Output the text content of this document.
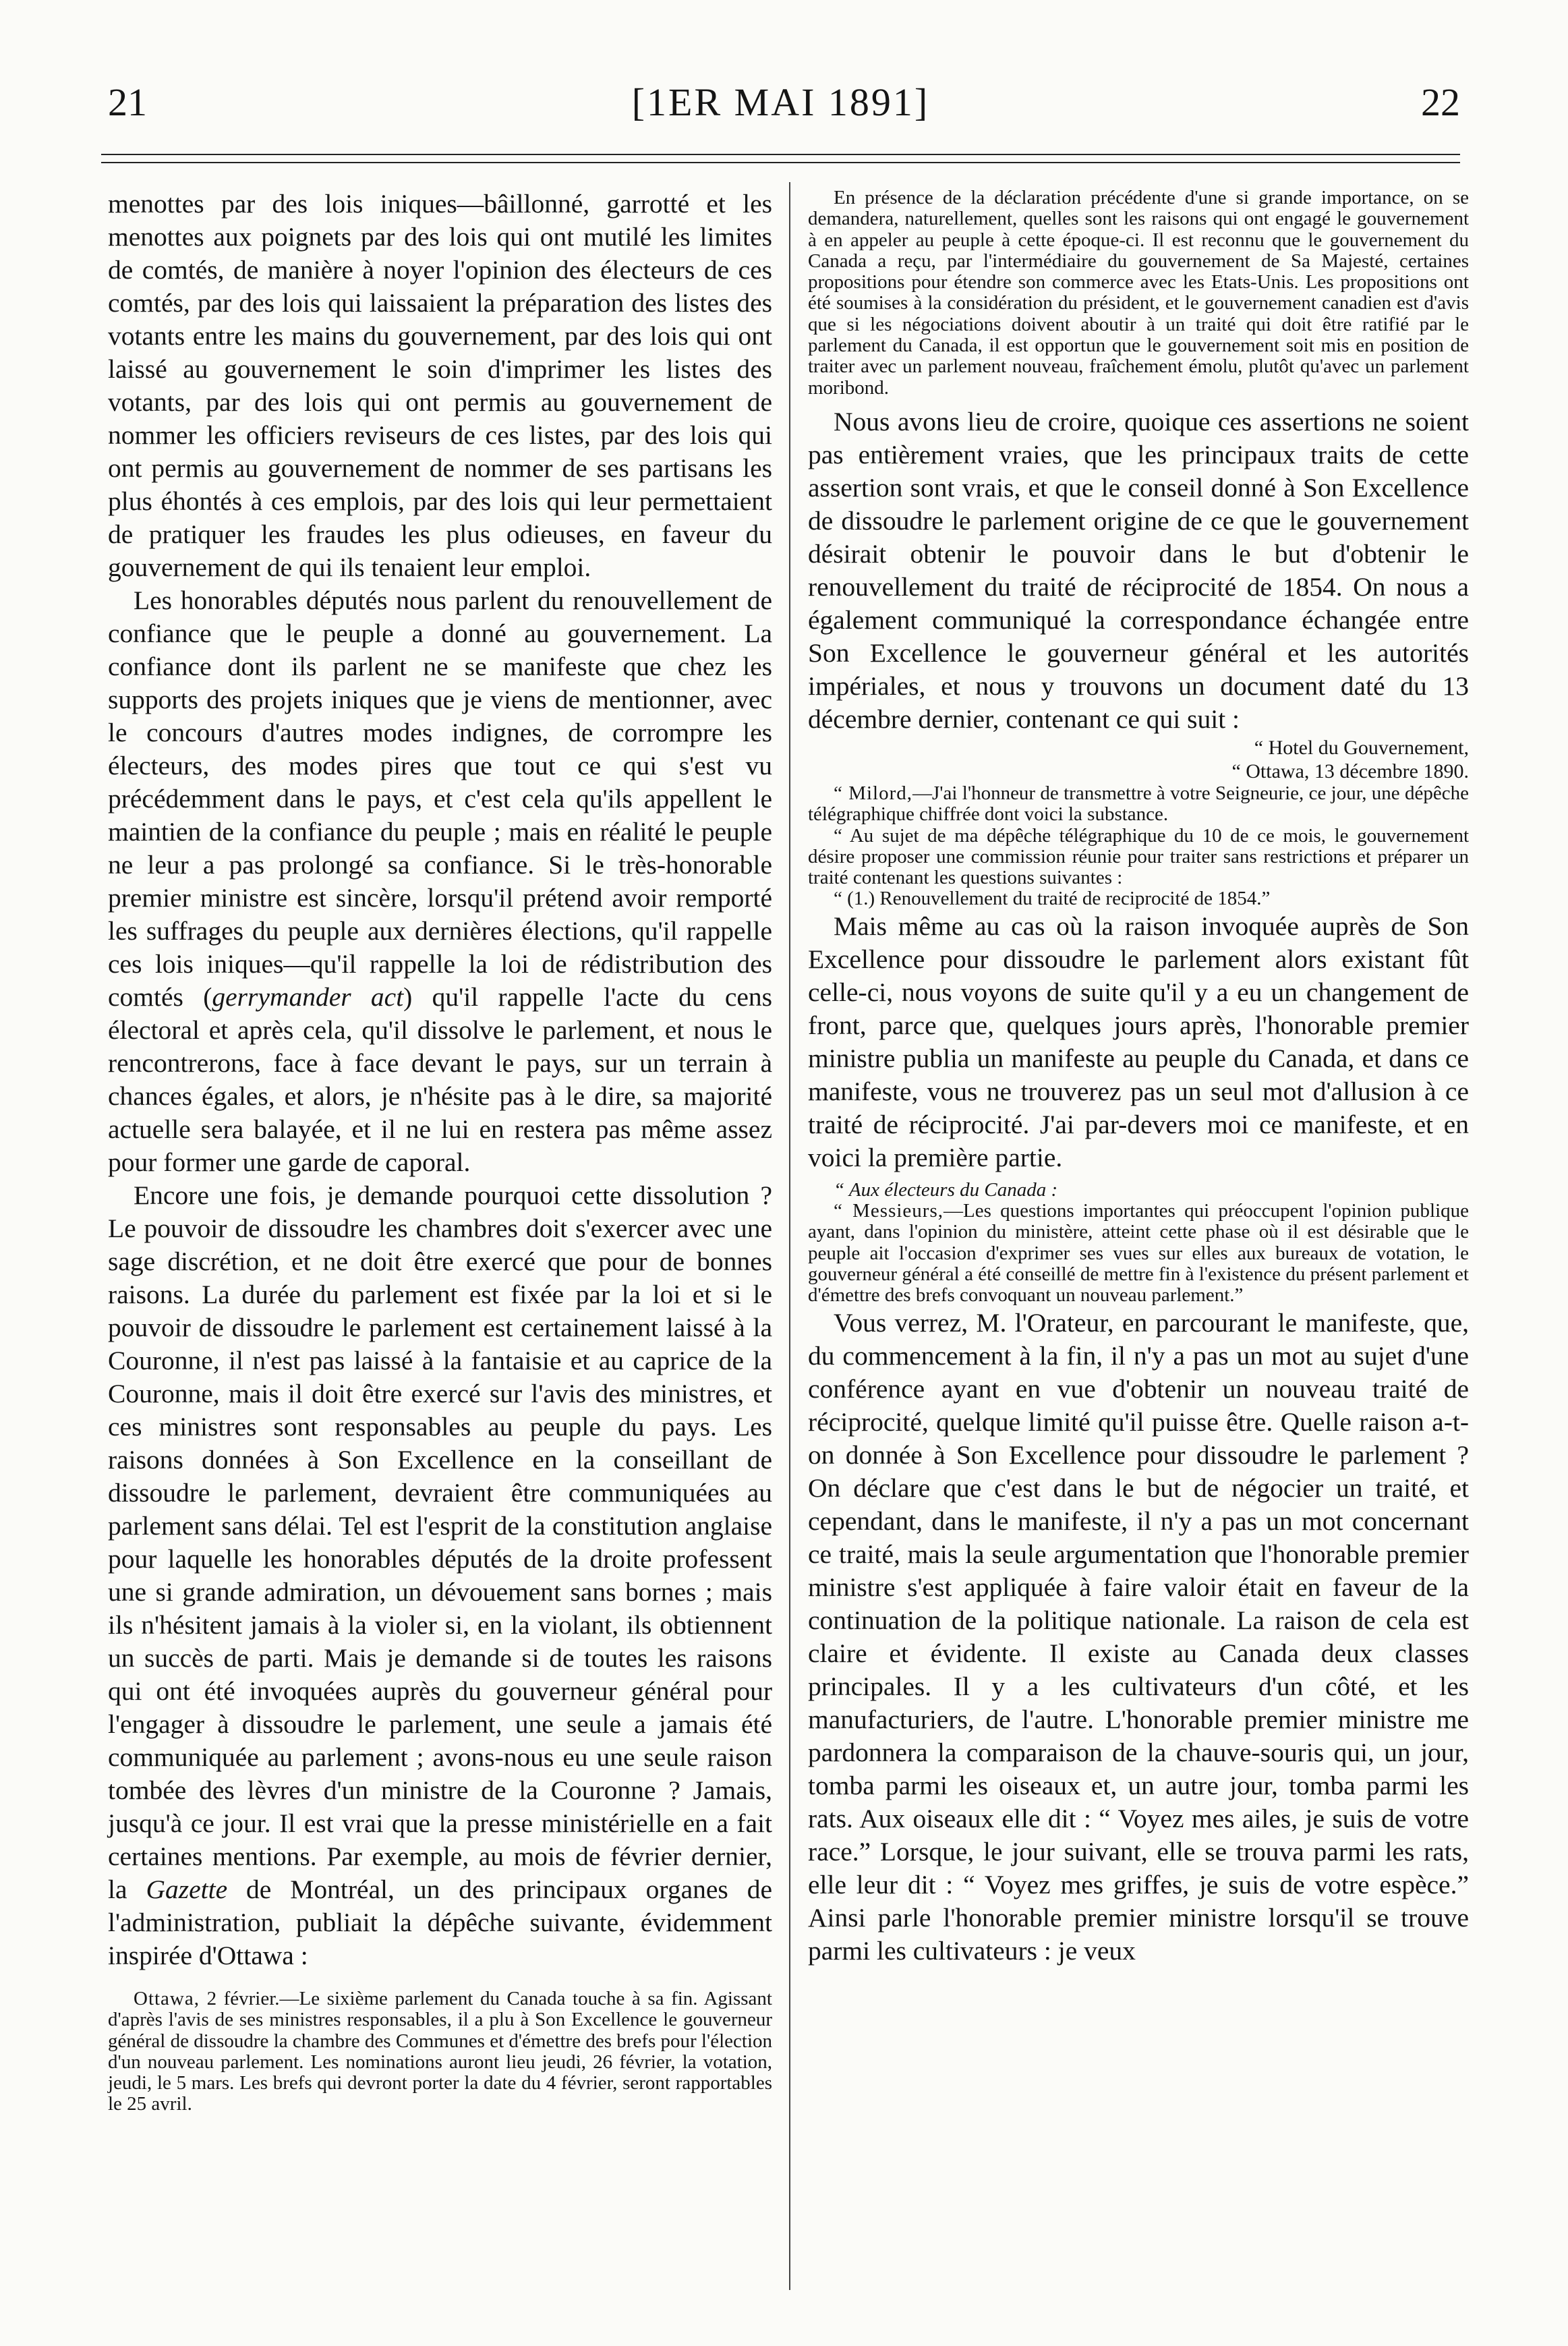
21	[1ER MAI 1891]	22

menottes par des lois iniques—bâillonné, garrotté et les menottes aux poignets par des lois qui ont mutilé les limites de comtés, de manière à noyer l'opinion des électeurs de ces comtés, par des lois qui laissaient la préparation des listes des votants entre les mains du gouvernement, par des lois qui ont laissé au gouvernement le soin d'imprimer les listes des votants, par des lois qui ont permis au gouvernement de nommer les officiers reviseurs de ces listes, par des lois qui ont permis au gouvernement de nommer de ses partisans les plus éhontés à ces emplois, par des lois qui leur permettaient de pratiquer les fraudes les plus odieuses, en faveur du gouvernement de qui ils tenaient leur emploi.

Les honorables députés nous parlent du renouvellement de confiance que le peuple a donné au gouvernement. La confiance dont ils parlent ne se manifeste que chez les supports des projets iniques que je viens de mentionner, avec le concours d'autres modes indignes, de corrompre les électeurs, des modes pires que tout ce qui s'est vu précédemment dans le pays, et c'est cela qu'ils appellent le maintien de la confiance du peuple ; mais en réalité le peuple ne leur a pas prolongé sa confiance. Si le très-honorable premier ministre est sincère, lorsqu'il prétend avoir remporté les suffrages du peuple aux dernières élections, qu'il rappelle ces lois iniques—qu'il rappelle la loi de rédistribution des comtés (gerrymander act) qu'il rappelle l'acte du cens électoral et après cela, qu'il dissolve le parlement, et nous le rencontrerons, face à face devant le pays, sur un terrain à chances égales, et alors, je n'hésite pas à le dire, sa majorité actuelle sera balayée, et il ne lui en restera pas même assez pour former une garde de caporal.

Encore une fois, je demande pourquoi cette dissolution ? Le pouvoir de dissoudre les chambres doit s'exercer avec une sage discrétion, et ne doit être exercé que pour de bonnes raisons. La durée du parlement est fixée par la loi et si le pouvoir de dissoudre le parlement est certainement laissé à la Couronne, il n'est pas laissé à la fantaisie et au caprice de la Couronne, mais il doit être exercé sur l'avis des ministres, et ces ministres sont responsables au peuple du pays. Les raisons données à Son Excellence en la conseillant de dissoudre le parlement, devraient être communiquées au parlement sans délai. Tel est l'esprit de la constitution anglaise pour laquelle les honorables députés de la droite professent une si grande admiration, un dévouement sans bornes ; mais ils n'hésitent jamais à la violer si, en la violant, ils obtiennent un succès de parti. Mais je demande si de toutes les raisons qui ont été invoquées auprès du gouverneur général pour l'engager à dissoudre le parlement, une seule a jamais été communiquée au parlement ; avons-nous eu une seule raison tombée des lèvres d'un ministre de la Couronne ? Jamais, jusqu'à ce jour. Il est vrai que la presse ministérielle en a fait certaines mentions. Par exemple, au mois de février dernier, la Gazette de Montréal, un des principaux organes de l'administration, publiait la dépêche suivante, évidemment inspirée d'Ottawa :

Ottawa, 2 février.—Le sixième parlement du Canada touche à sa fin. Agissant d'après l'avis de ses ministres responsables, il a plu à Son Excellence le gouverneur général de dissoudre la chambre des Communes et d'émettre des brefs pour l'élection d'un nouveau parlement. Les nominations auront lieu jeudi, 26 février, la votation, jeudi, le 5 mars. Les brefs qui devront porter la date du 4 février, seront rapportables le 25 avril.

En présence de la déclaration précédente d'une si grande importance, on se demandera, naturellement, quelles sont les raisons qui ont engagé le gouvernement à en appeler au peuple à cette époque-ci. Il est reconnu que le gouvernement du Canada a reçu, par l'intermédiaire du gouvernement de Sa Majesté, certaines propositions pour étendre son commerce avec les Etats-Unis. Les propositions ont été soumises à la considération du président, et le gouvernement canadien est d'avis que si les négociations doivent aboutir à un traité qui doit être ratifié par le parlement du Canada, il est opportun que le gouvernement soit mis en position de traiter avec un parlement nouveau, fraîchement émolu, plutôt qu'avec un parlement moribond.

Nous avons lieu de croire, quoique ces assertions ne soient pas entièrement vraies, que les principaux traits de cette assertion sont vrais, et que le conseil donné à Son Excellence de dissoudre le parlement origine de ce que le gouvernement désirait obtenir le pouvoir dans le but d'obtenir le renouvellement du traité de réciprocité de 1854. On nous a également communiqué la correspondance échangée entre Son Excellence le gouverneur général et les autorités impériales, et nous y trouvons un document daté du 13 décembre dernier, contenant ce qui suit :

“ Hotel du Gouvernement,

“ Ottawa, 13 décembre 1890.

“ Milord,—J'ai l'honneur de transmettre à votre Seigneurie, ce jour, une dépêche télégraphique chiffrée dont voici la substance.

“ Au sujet de ma dépêche télégraphique du 10 de ce mois, le gouvernement désire proposer une commission réunie pour traiter sans restrictions et préparer un traité contenant les questions suivantes :

“ (1.) Renouvellement du traité de reciprocité de 1854.”

Mais même au cas où la raison invoquée auprès de Son Excellence pour dissoudre le parlement alors existant fût celle-ci, nous voyons de suite qu'il y a eu un changement de front, parce que, quelques jours après, l'honorable premier ministre publia un manifeste au peuple du Canada, et dans ce manifeste, vous ne trouverez pas un seul mot d'allusion à ce traité de réciprocité. J'ai par-devers moi ce manifeste, et en voici la première partie.

“ Aux électeurs du Canada :

“ Messieurs,—Les questions importantes qui préoccupent l'opinion publique ayant, dans l'opinion du ministère, atteint cette phase où il est désirable que le peuple ait l'occasion d'exprimer ses vues sur elles aux bureaux de votation, le gouverneur général a été conseillé de mettre fin à l'existence du présent parlement et d'émettre des brefs convoquant un nouveau parlement.”

Vous verrez, M. l'Orateur, en parcourant le manifeste, que, du commencement à la fin, il n'y a pas un mot au sujet d'une conférence ayant en vue d'obtenir un nouveau traité de réciprocité, quelque limité qu'il puisse être. Quelle raison a-t-on donnée à Son Excellence pour dissoudre le parlement ? On déclare que c'est dans le but de négocier un traité, et cependant, dans le manifeste, il n'y a pas un mot concernant ce traité, mais la seule argumentation que l'honorable premier ministre s'est appliquée à faire valoir était en faveur de la continuation de la politique nationale. La raison de cela est claire et évidente. Il existe au Canada deux classes principales. Il y a les cultivateurs d'un côté, et les manufacturiers, de l'autre. L'honorable premier ministre me pardonnera la comparaison de la chauve-souris qui, un jour, tomba parmi les oiseaux et, un autre jour, tomba parmi les rats. Aux oiseaux elle dit : “ Voyez mes ailes, je suis de votre race.” Lorsque, le jour suivant, elle se trouva parmi les rats, elle leur dit : “ Voyez mes griffes, je suis de votre espèce.” Ainsi parle l'honorable premier ministre lorsqu'il se trouve parmi les cultivateurs : je veux
